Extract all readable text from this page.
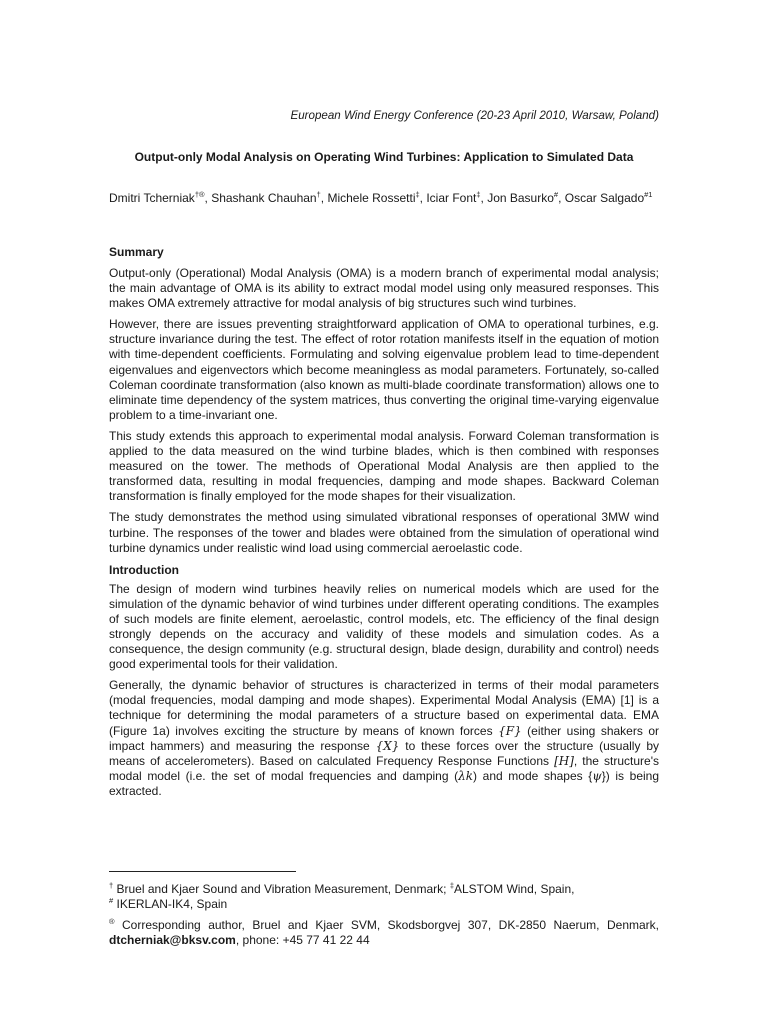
European Wind Energy Conference (20-23 April 2010, Warsaw, Poland)
Output-only Modal Analysis on Operating Wind Turbines: Application to Simulated Data
Dmitri Tcherniak†®, Shashank Chauhan†, Michele Rossetti‡, Iciar Font‡, Jon Basurko#, Oscar Salgado$^{\#1}$
Summary

Output-only (Operational) Modal Analysis (OMA) is a modern branch of experimental modal analysis; the main advantage of OMA is its ability to extract modal model using only measured responses. This makes OMA extremely attractive for modal analysis of big structures such wind turbines.

However, there are issues preventing straightforward application of OMA to operational turbines, e.g. structure invariance during the test. The effect of rotor rotation manifests itself in the equation of motion with time-dependent coefficients. Formulating and solving eigenvalue problem lead to time-dependent eigenvalues and eigenvectors which become meaningless as modal parameters. Fortunately, so-called Coleman coordinate transformation (also known as multi-blade coordinate transformation) allows one to eliminate time dependency of the system matrices, thus converting the original time-varying eigenvalue problem to a time-invariant one.

This study extends this approach to experimental modal analysis. Forward Coleman transformation is applied to the data measured on the wind turbine blades, which is then combined with responses measured on the tower. The methods of Operational Modal Analysis are then applied to the transformed data, resulting in modal frequencies, damping and mode shapes. Backward Coleman transformation is finally employed for the mode shapes for their visualization.

The study demonstrates the method using simulated vibrational responses of operational 3MW wind turbine. The responses of the tower and blades were obtained from the simulation of operational wind turbine dynamics under realistic wind load using commercial aeroelastic code.

Introduction

The design of modern wind turbines heavily relies on numerical models which are used for the simulation of the dynamic behavior of wind turbines under different operating conditions. The examples of such models are finite element, aeroelastic, control models, etc. The efficiency of the final design strongly depends on the accuracy and validity of these models and simulation codes. As a consequence, the design community (e.g. structural design, blade design, durability and control) needs good experimental tools for their validation.

Generally, the dynamic behavior of structures is characterized in terms of their modal parameters (modal frequencies, modal damping and mode shapes). Experimental Modal Analysis (EMA) [1] is a technique for determining the modal parameters of a structure based on experimental data. EMA (Figure 1a) involves exciting the structure by means of known forces {F} (either using shakers or impact hammers) and measuring the response {X} to these forces over the structure (usually by means of accelerometers). Based on calculated Frequency Response Functions [H], the structure's modal model (i.e. the set of modal frequencies and damping (λk) and mode shapes {ψ}) is being extracted.

† Bruel and Kjaer Sound and Vibration Measurement, Denmark; ‡ALSTOM Wind, Spain,
# IKERLAN-IK4, Spain

® Corresponding author, Bruel and Kjaer SVM, Skodsborgvej 307, DK-2850 Naerum, Denmark, dtcherniak@bksv.com, phone: +45 77 41 22 44
